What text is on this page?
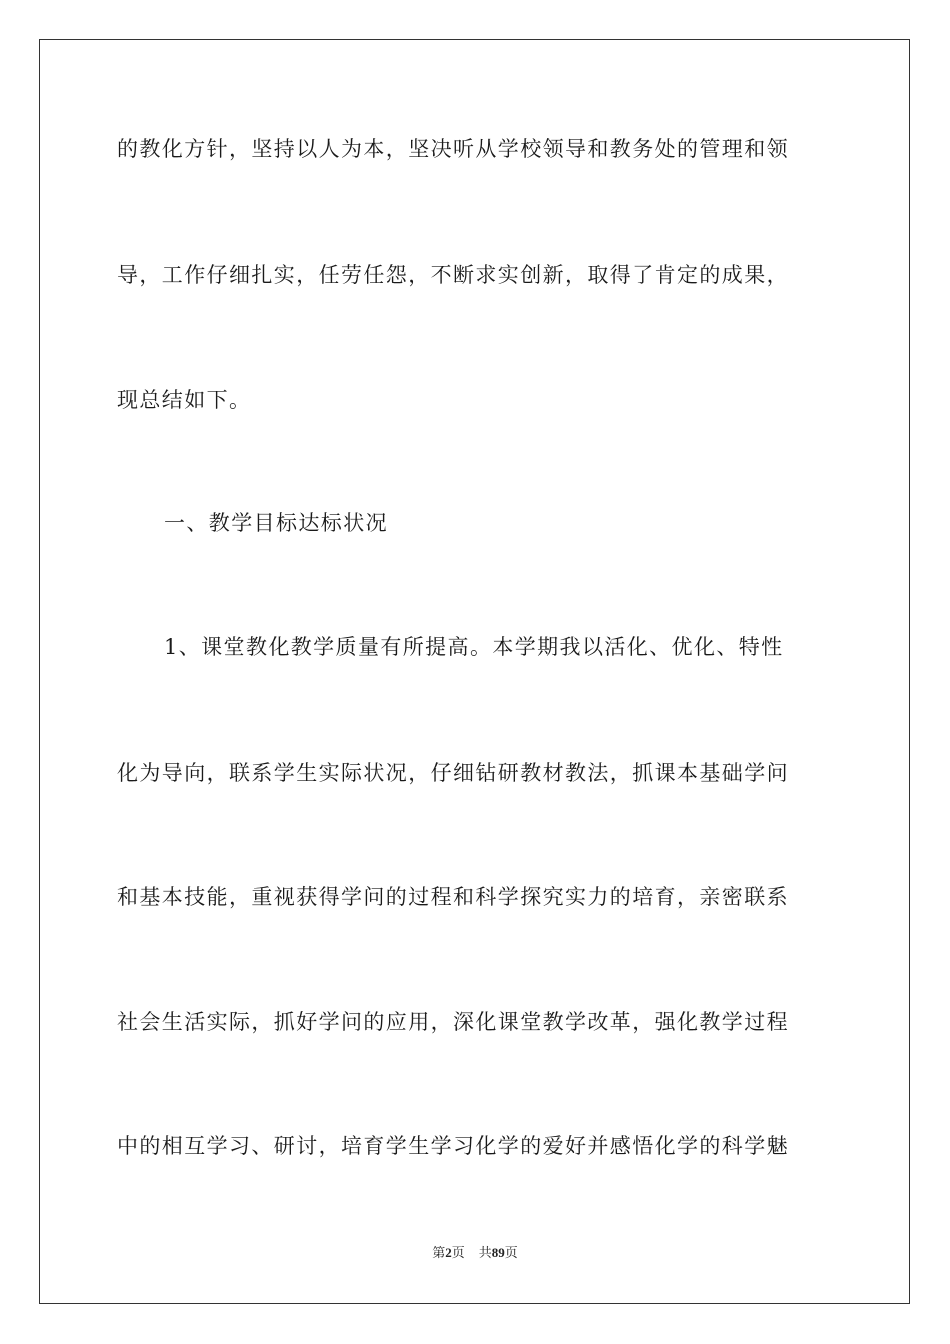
的教化方针，坚持以人为本，坚决听从学校领导和教务处的管理和领
导，工作仔细扎实，任劳任怨，不断求实创新，取得了肯定的成果，
现总结如下。
一、教学目标达标状况
1、课堂教化教学质量有所提高。本学期我以活化、优化、特性
化为导向，联系学生实际状况，仔细钻研教材教法，抓课本基础学问
和基本技能，重视获得学问的过程和科学探究实力的培育，亲密联系
社会生活实际，抓好学问的应用，深化课堂教学改革，强化教学过程
中的相互学习、研讨，培育学生学习化学的爱好并感悟化学的科学魅
第2页 共89页
